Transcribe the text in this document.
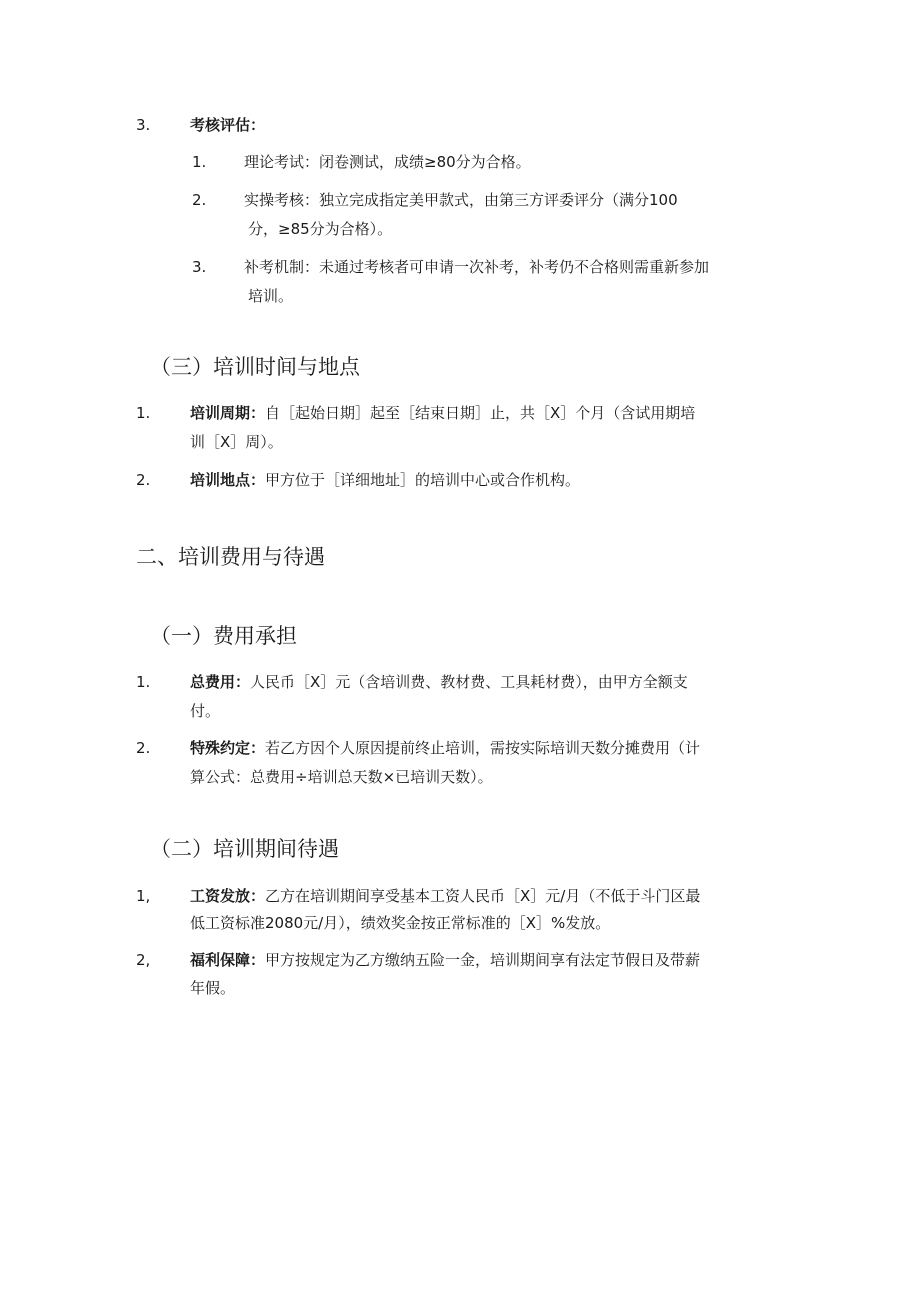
3.	考核评估：
1.	理论考试：闭卷测试，成绩≥80分为合格。
2.	实操考核：独立完成指定美甲款式，由第三方评委评分（满分100
分，≥85分为合格）。
3.	补考机制：未通过考核者可申请一次补考，补考仍不合格则需重新参加
培训。
（三）培训时间与地点
1.	培训周期：自［起始日期］起至［结束日期］止，共［X］个月（含试用期培
训［X］周）。
2.	培训地点：甲方位于［详细地址］的培训中心或合作机构。
二、培训费用与待遇
（一）费用承担
1.	总费用：人民币［X］元（含培训费、教材费、工具耗材费），由甲方全额支
付。
2.	特殊约定：若乙方因个人原因提前终止培训，需按实际培训天数分摊费用（计
算公式：总费用÷培训总天数×已培训天数）。
（二）培训期间待遇
1,	工资发放：乙方在培训期间享受基本工资人民币［X］元/月（不低于斗门区最
低工资标准2080元/月），绩效奖金按正常标准的［X］%发放。
2,	福利保障：甲方按规定为乙方缴纳五险一金，培训期间享有法定节假日及带薪
年假。
